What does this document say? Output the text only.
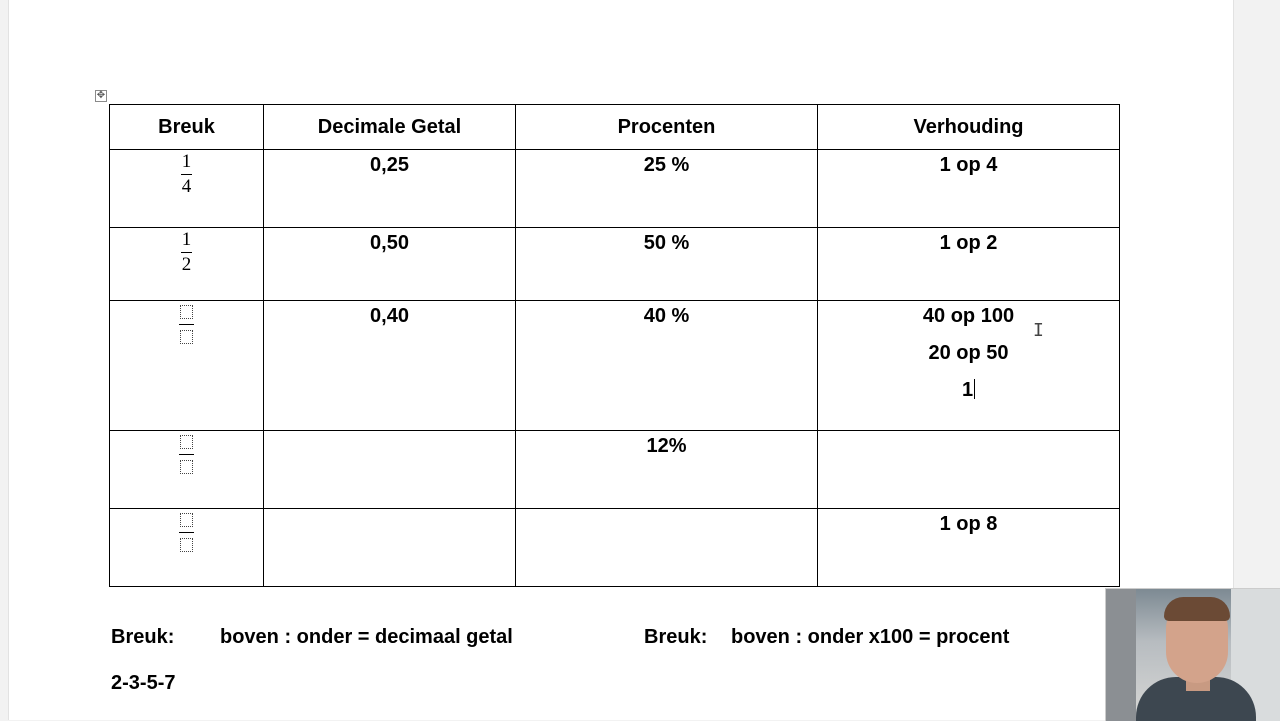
✥
Breuk	Decimale Getal	Procenten	Verhouding

$\frac{1}{4}$	0,25	25 %	1 op 4

$\frac{1}{2}$	0,50	50 %	1 op 2

	0,40	40 %	40 op 100
20 op 50
1

		12%	

			1 op 8
I
Breuk: boven : onder = decimaal getal	Breuk: boven : onder x100 = procent
2-3-5-7
